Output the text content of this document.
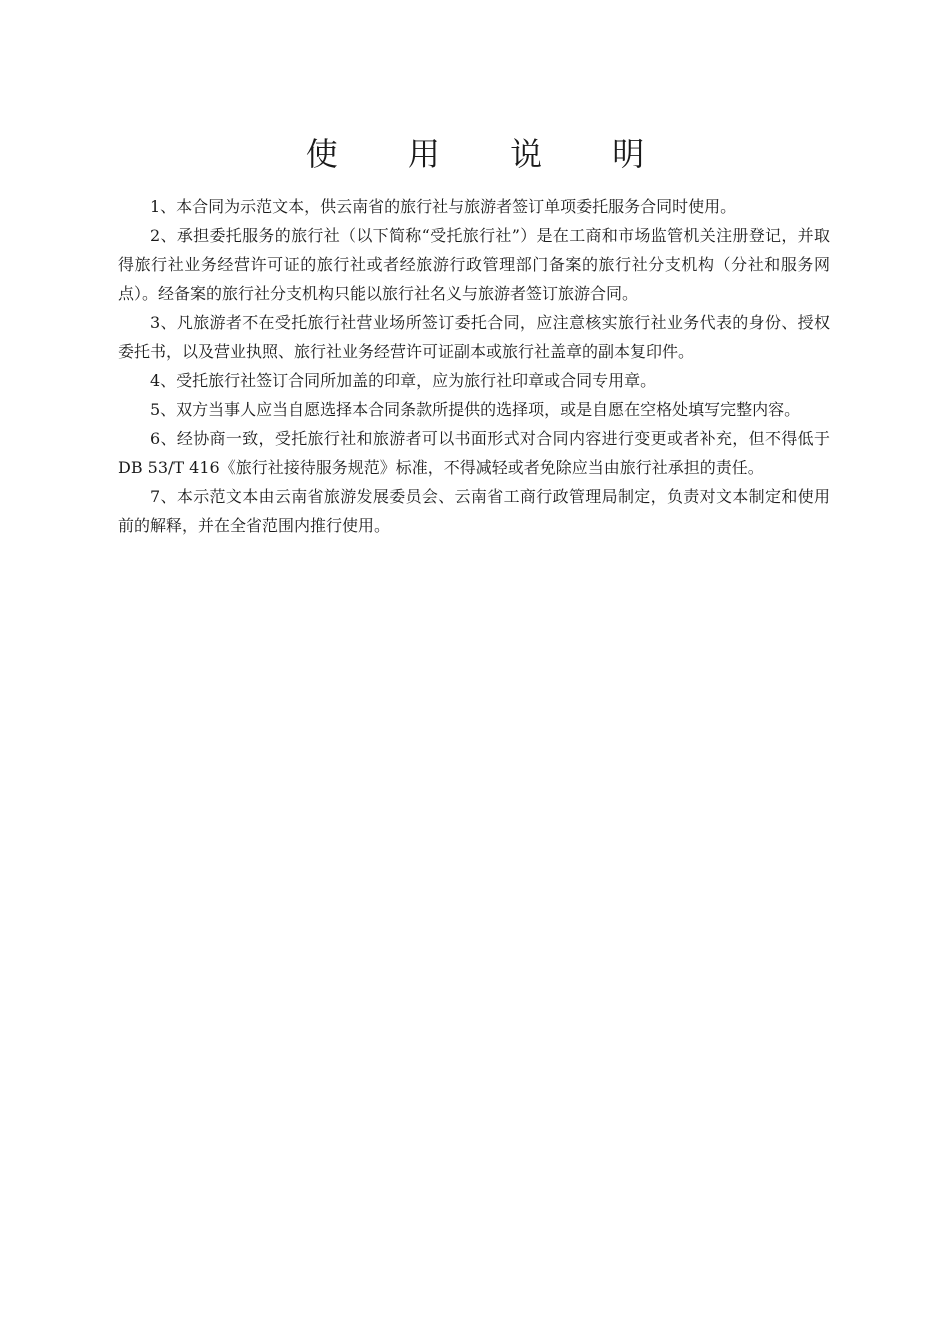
使 用 说 明

1、本合同为示范文本，供云南省的旅行社与旅游者签订单项委托服务合同时使用。

2、承担委托服务的旅行社（以下简称“受托旅行社”）是在工商和市场监管机关注册登记，并取得旅行社业务经营许可证的旅行社或者经旅游行政管理部门备案的旅行社分支机构（分社和服务网点）。经备案的旅行社分支机构只能以旅行社名义与旅游者签订旅游合同。

3、凡旅游者不在受托旅行社营业场所签订委托合同，应注意核实旅行社业务代表的身份、授权委托书，以及营业执照、旅行社业务经营许可证副本或旅行社盖章的副本复印件。

4、受托旅行社签订合同所加盖的印章，应为旅行社印章或合同专用章。

5、双方当事人应当自愿选择本合同条款所提供的选择项，或是自愿在空格处填写完整内容。

6、经协商一致，受托旅行社和旅游者可以书面形式对合同内容进行变更或者补充，但不得低于 DB 53/T 416《旅行社接待服务规范》标准，不得减轻或者免除应当由旅行社承担的责任。

7、本示范文本由云南省旅游发展委员会、云南省工商行政管理局制定，负责对文本制定和使用前的解释，并在全省范围内推行使用。
